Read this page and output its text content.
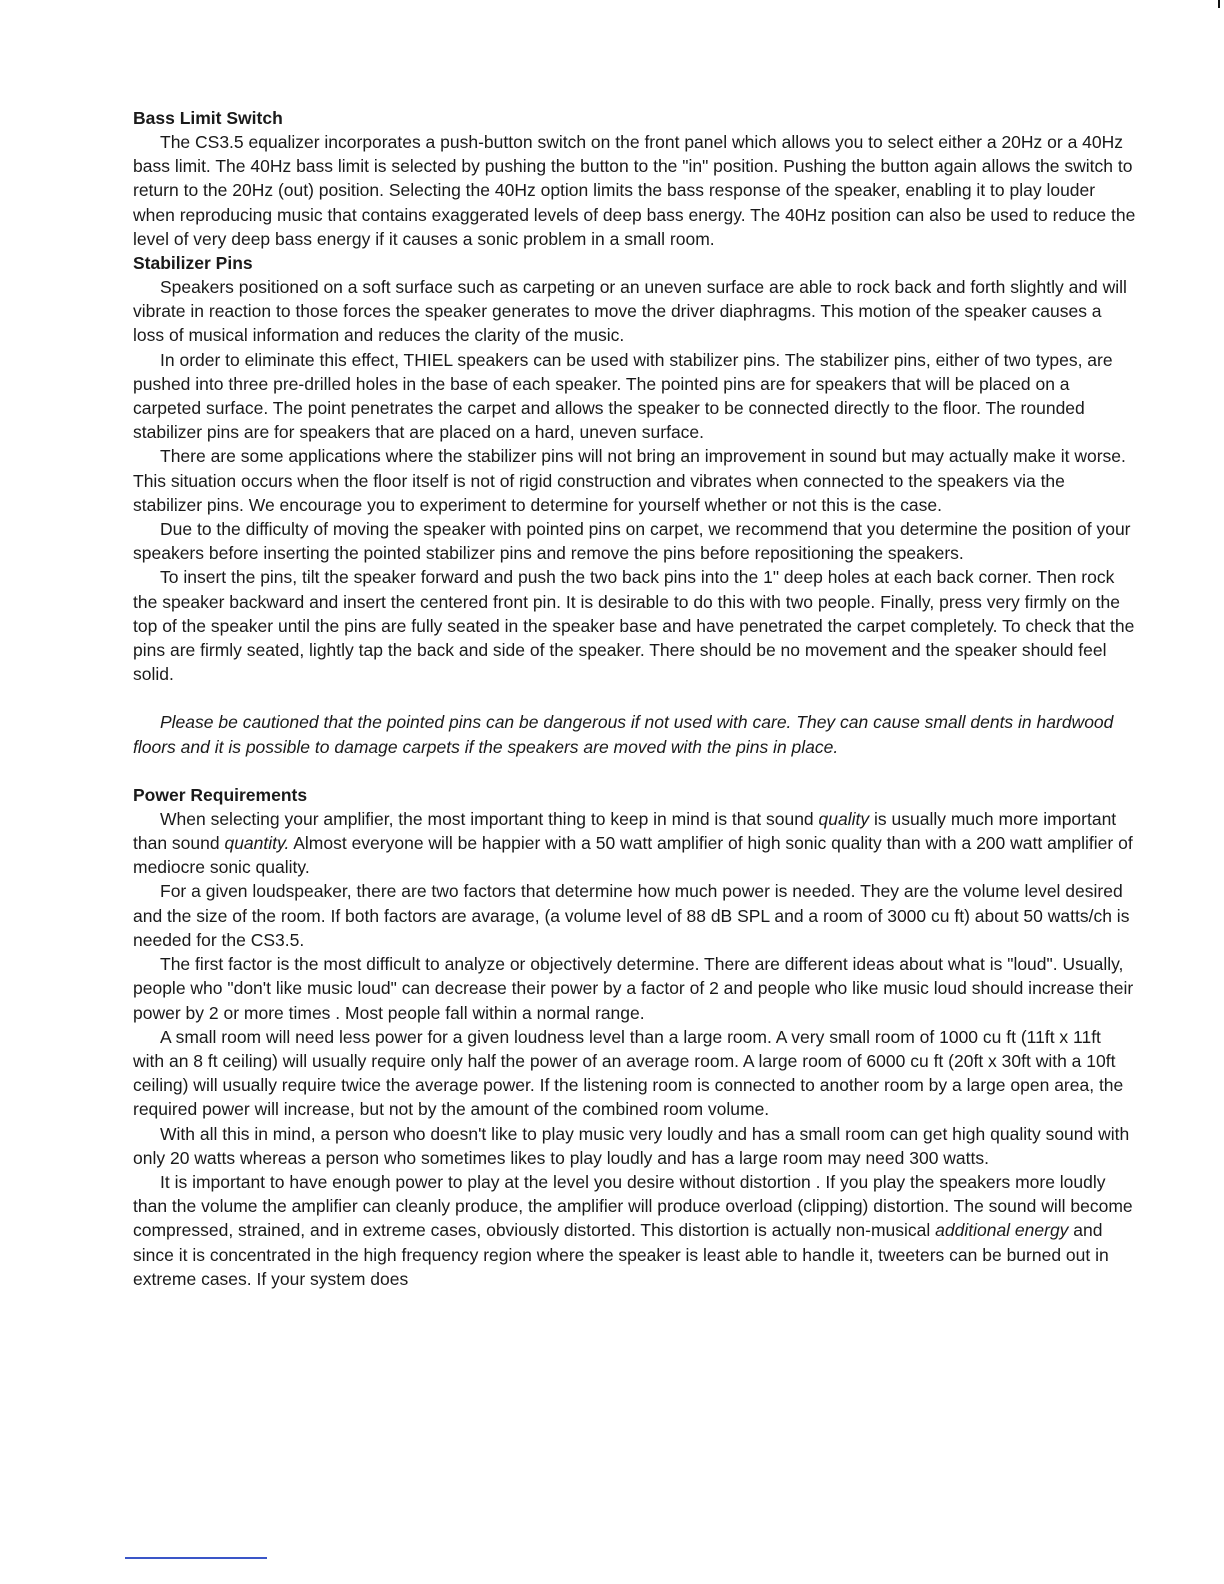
Bass Limit Switch

The CS3.5 equalizer incorporates a push-button switch on the front panel which allows you to select either a 20Hz or a 40Hz bass limit. The 40Hz bass limit is selected by pushing the button to the "in" position. Pushing the button again allows the switch to return to the 20Hz (out) position. Selecting the 40Hz option limits the bass response of the speaker, enabling it to play louder when reproducing music that contains exaggerated levels of deep bass energy. The 40Hz position can also be used to reduce the level of very deep bass energy if it causes a sonic problem in a small room.

Stabilizer Pins

Speakers positioned on a soft surface such as carpeting or an uneven surface are able to rock back and forth slightly and will vibrate in reaction to those forces the speaker generates to move the driver diaphragms. This motion of the speaker causes a loss of musical information and reduces the clarity of the music.

In order to eliminate this effect, THIEL speakers can be used with stabilizer pins. The stabilizer pins, either of two types, are pushed into three pre-drilled holes in the base of each speaker. The pointed pins are for speakers that will be placed on a carpeted surface. The point penetrates the carpet and allows the speaker to be connected directly to the floor. The rounded stabilizer pins are for speakers that are placed on a hard, uneven surface.

There are some applications where the stabilizer pins will not bring an improvement in sound but may actually make it worse. This situation occurs when the floor itself is not of rigid construction and vibrates when connected to the speakers via the stabilizer pins. We encourage you to experiment to determine for yourself whether or not this is the case.

Due to the difficulty of moving the speaker with pointed pins on carpet, we recommend that you determine the position of your speakers before inserting the pointed stabilizer pins and remove the pins before repositioning the speakers.

To insert the pins, tilt the speaker forward and push the two back pins into the 1" deep holes at each back corner. Then rock the speaker backward and insert the centered front pin. It is desirable to do this with two people. Finally, press very firmly on the top of the speaker until the pins are fully seated in the speaker base and have penetrated the carpet completely. To check that the pins are firmly seated, lightly tap the back and side of the speaker. There should be no movement and the speaker should feel solid.

Please be cautioned that the pointed pins can be dangerous if not used with care. They can cause small dents in hardwood floors and it is possible to damage carpets if the speakers are moved with the pins in place.

Power Requirements

When selecting your amplifier, the most important thing to keep in mind is that sound quality is usually much more important than sound quantity. Almost everyone will be happier with a 50 watt amplifier of high sonic quality than with a 200 watt amplifier of mediocre sonic quality.

For a given loudspeaker, there are two factors that determine how much power is needed. They are the volume level desired and the size of the room. If both factors are avarage, (a volume level of 88 dB SPL and a room of 3000 cu ft) about 50 watts/ch is needed for the CS3.5.

The first factor is the most difficult to analyze or objectively determine. There are different ideas about what is "loud". Usually, people who "don't like music loud" can decrease their power by a factor of 2 and people who like music loud should increase their power by 2 or more times . Most people fall within a normal range.

A small room will need less power for a given loudness level than a large room. A very small room of 1000 cu ft (11ft x 11ft with an 8 ft ceiling) will usually require only half the power of an average room. A large room of 6000 cu ft (20ft x 30ft with a 10ft ceiling) will usually require twice the average power. If the listening room is connected to another room by a large open area, the required power will increase, but not by the amount of the combined room volume.

With all this in mind, a person who doesn't like to play music very loudly and has a small room can get high quality sound with only 20 watts whereas a person who sometimes likes to play loudly and has a large room may need 300 watts.

It is important to have enough power to play at the level you desire without distortion . If you play the speakers more loudly than the volume the amplifier can cleanly produce, the amplifier will produce overload (clipping) distortion. The sound will become compressed, strained, and in extreme cases, obviously distorted. This distortion is actually non-musical additional energy and since it is concentrated in the high frequency region where the speaker is least able to handle it, tweeters can be burned out in extreme cases. If your system does
